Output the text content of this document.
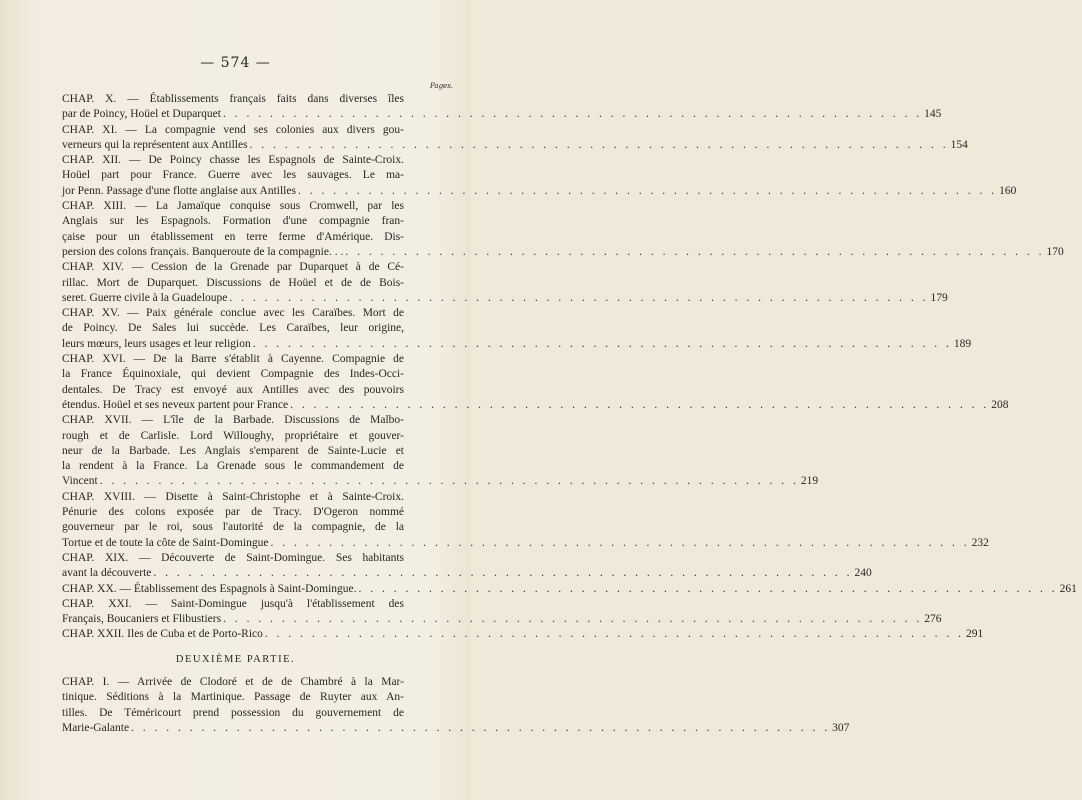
— 574 —
Pages.
CHAP. X. — Établissements français faits dans diverses îles
par de Poincy, Hoüel et Duparquet . . . . . . . . . . . . . . . . . . . . . . . . . . . . . . . . . . . . . . . . . . . . . . . . . . . . . . . . . . . . 145
CHAP. XI. — La compagnie vend ses colonies aux divers gou-
verneurs qui la représentent aux Antilles . . . . . . . . . . . . . . . . . . . . . . . . . . . . . . . . . . . . . . . . . . . . . . . . . . . . . . . . . . . . 154
CHAP. XII. — De Poincy chasse les Espagnols de Sainte-Croix.
Hoüel part pour France. Guerre avec les sauvages. Le ma-
jor Penn. Passage d'une flotte anglaise aux Antilles . . . . . . . . . . . . . . . . . . . . . . . . . . . . . . . . . . . . . . . . . . . . . . . . . . . . . . . . . . . . 160
CHAP. XIII. — La Jamaïque conquise sous Cromwell, par les
Anglais sur les Espagnols. Formation d'une compagnie fran-
çaise pour un établissement en terre ferme d'Amérique. Dis-
persion des colons français. Banqueroute de la compagnie. . . . . . . . . . . . . . . . . . . . . . . . . . . . . . . . . . . . . . . . . . . . . . . . . . . . . . . . . . . . . . . 170
CHAP. XIV. — Cession de la Grenade par Duparquet à de Cé-
rillac. Mort de Duparquet. Discussions de Hoüel et de de Bois-
seret. Guerre civile à la Guadeloupe . . . . . . . . . . . . . . . . . . . . . . . . . . . . . . . . . . . . . . . . . . . . . . . . . . . . . . . . . . . . 179
CHAP. XV. — Paix générale conclue avec les Caraïbes. Mort de
de Poincy. De Sales lui succède. Les Caraïbes, leur origine,
leurs mœurs, leurs usages et leur religion . . . . . . . . . . . . . . . . . . . . . . . . . . . . . . . . . . . . . . . . . . . . . . . . . . . . . . . . . . . . 189
CHAP. XVI. — De la Barre s'établit à Cayenne. Compagnie de
la France Équinoxiale, qui devient Compagnie des Indes-Occi-
dentales. De Tracy est envoyé aux Antilles avec des pouvoirs
étendus. Hoüel et ses neveux partent pour France . . . . . . . . . . . . . . . . . . . . . . . . . . . . . . . . . . . . . . . . . . . . . . . . . . . . . . . . . . . . 208
CHAP. XVII. — L'île de la Barbade. Discussions de Malbo-
rough et de Carlisle. Lord Willoughy, propriétaire et gouver-
neur de la Barbade. Les Anglais s'emparent de Sainte-Lucie et
la rendent à la France. La Grenade sous le commandement de
Vincent . . . . . . . . . . . . . . . . . . . . . . . . . . . . . . . . . . . . . . . . . . . . . . . . . . . . . . . . . . . . 219
CHAP. XVIII. — Disette à Saint-Christophe et à Sainte-Croix.
Pénurie des colons exposée par de Tracy. D'Ogeron nommé
gouverneur par le roi, sous l'autorité de la compagnie, de la
Tortue et de toute la côte de Saint-Domingue . . . . . . . . . . . . . . . . . . . . . . . . . . . . . . . . . . . . . . . . . . . . . . . . . . . . . . . . . . . . 232
CHAP. XIX. — Découverte de Saint-Domingue. Ses habitants
avant la découverte . . . . . . . . . . . . . . . . . . . . . . . . . . . . . . . . . . . . . . . . . . . . . . . . . . . . . . . . . . . . 240
CHAP. XX. — Établissement des Espagnols à Saint-Domingue. . . . . . . . . . . . . . . . . . . . . . . . . . . . . . . . . . . . . . . . . . . . . . . . . . . . . . . . . . . . . 261
CHAP. XXI. — Saint-Domingue jusqu'à l'établissement des
Français, Boucaniers et Flibustiers . . . . . . . . . . . . . . . . . . . . . . . . . . . . . . . . . . . . . . . . . . . . . . . . . . . . . . . . . . . . 276
CHAP. XXII. Iles de Cuba et de Porto-Rico . . . . . . . . . . . . . . . . . . . . . . . . . . . . . . . . . . . . . . . . . . . . . . . . . . . . . . . . . . . . 291
DEUXIÈME PARTIE.
CHAP. I. — Arrivée de Clodoré et de de Chambré à la Mar-
tinique. Séditions à la Martinique. Passage de Ruyter aux An-
tilles. De Téméricourt prend possession du gouvernement de
Marie-Galante . . . . . . . . . . . . . . . . . . . . . . . . . . . . . . . . . . . . . . . . . . . . . . . . . . . . . . . . . . . . 307
